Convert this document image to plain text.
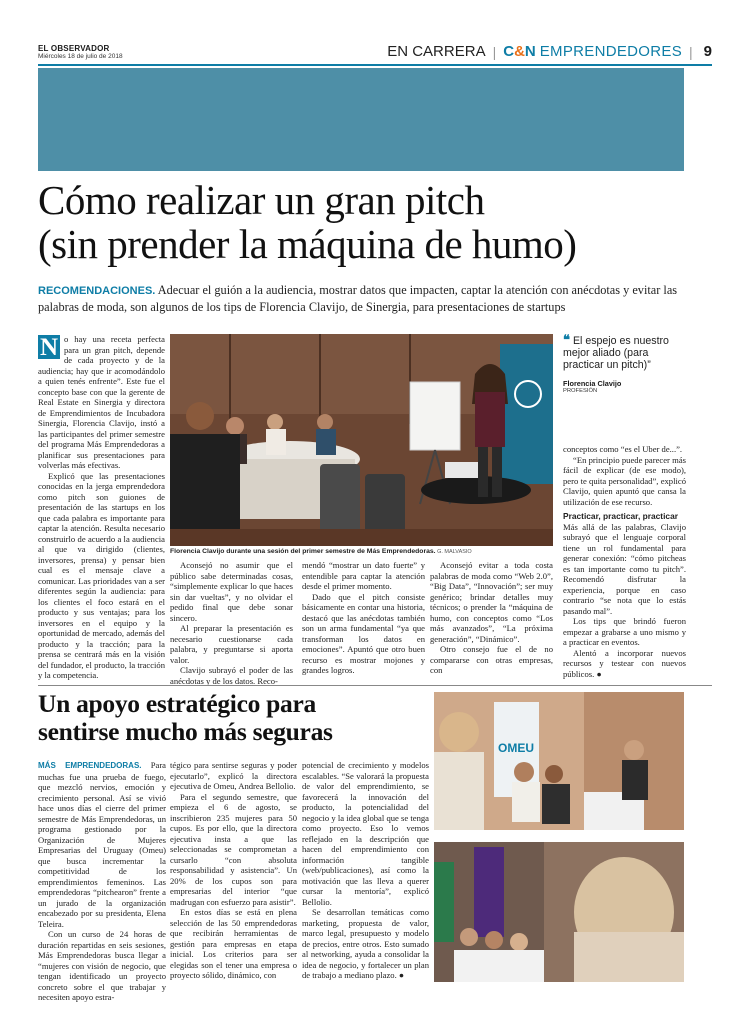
EL OBSERVADOR
Miércoles 18 de julio de 2018	EN CARRERA | C&N EMPRENDEDORES | 9
Cómo realizar un gran pitch
(sin prender la máquina de humo)
RECOMENDACIONES. Adecuar el guión a la audiencia, mostrar datos que impacten, captar la atención con anécdotas y evitar las palabras de moda, son algunos de los tips de Florencia Clavijo, de Sinergia, para presentaciones de startups

N o hay una receta perfecta para un gran pitch, depende de cada proyecto y de la audiencia; hay que ir acomodándolo a quien tenés enfrente”. Este fue el concepto base con que la gerente de Real Estate en Sinergia y directora de Emprendimientos de Incubadora Sinergia, Florencia Clavijo, instó a las participantes del primer semestre del programa Más Emprendedoras a planificar sus presentaciones para volverlas más efectivas.

Explicó que las presentaciones conocidas en la jerga emprendedora como pitch son guiones de presentación de las startups en los que cada palabra es importante para captar la atención. Resulta necesario construirlo de acuerdo a la audiencia al que va dirigido (clientes, inversores, prensa) y pensar bien cual es el mensaje clave a comunicar. Las prioridades van a ser diferentes según la audiencia: para los clientes el foco estará en el producto y sus ventajas; para los inversores en el equipo y la oportunidad de mercado, además del producto y la tracción; para la prensa se centrará más en la visión del fundador, el producto, la tracción y la competencia.

Florencia Clavijo durante una sesión del primer semestre de Más Emprendedoras. G. MALVASIO

Aconsejó no asumir que el público sabe determinadas cosas, “simplemente explicar lo que haces sin dar vueltas”, y no olvidar el pedido final que debe sonar sincero.

Al preparar la presentación es necesario cuestionarse cada palabra, y preguntarse si aporta valor.

Clavijo subrayó el poder de las anécdotas y de los datos. Reco-

mendó “mostrar un dato fuerte” y entendible para captar la atención desde el primer momento.

Dado que el pitch consiste básicamente en contar una historia, destacó que las anécdotas también son un arma fundamental “ya que transforman los datos en emociones”. Apuntó que otro buen recurso es mostrar mojones y grandes logros.

Aconsejó evitar a toda costa palabras de moda como “Web 2.0”, “Big Data”, “Innovación”; ser muy genérico; brindar detalles muy técnicos; o prender la “máquina de humo, con conceptos como “Los más avanzados”, “La próxima generación”, “Dinámico”.

Otro consejo fue el de no compararse con otras empresas, con

❝ El espejo es nuestro mejor aliado (para practicar un pitch)”
Florencia Clavijo
PROFESIÓN

conceptos como “es el Uber de...”.

“En principio puede parecer más fácil de explicar (de ese modo), pero te quita personalidad”, explicó Clavijo, quien apuntó que cansa la utilización de ese recurso.

Practicar, practicar, practicar

Más allá de las palabras, Clavijo subrayó que el lenguaje corporal tiene un rol fundamental para generar conexión: “cómo pitcheas es tan importante como tu pitch”. Recomendó disfrutar la experiencia, porque en caso contrario “se nota que lo estás pasando mal”.

Los tips que brindó fueron empezar a grabarse a uno mismo y a practicar en eventos.

Alentó a incorporar nuevos recursos y testear con nuevos públicos. ●

Un apoyo estratégico para
sentirse mucho más seguras

MÁS EMPRENDEDORAS. Para muchas fue una prueba de fuego, que mezcló nervios, emoción y crecimiento personal. Así se vivió hace unos días el cierre del primer semestre de Más Emprendedoras, un programa gestionado por la Organización de Mujeres Empresarias del Uruguay (Omeu) que busca incrementar la competitividad de los emprendimientos femeninos. Las emprendedoras “pitchearon” frente a un jurado de la organización encabezado por su presidenta, Elena Teleira.

Con un curso de 24 horas de duración repartidas en seis sesiones, Más Emprendedoras busca llegar a “mujeres con visión de negocio, que tengan identificado un proyecto concreto sobre el que trabajar y necesiten apoyo estra-

tégico para sentirse seguras y poder ejecutarlo”, explicó la directora ejecutiva de Omeu, Andrea Bellolio.

Para el segundo semestre, que empieza el 6 de agosto, se inscribieron 235 mujeres para 50 cupos. Es por ello, que la directora ejecutiva insta a que las seleccionadas se comprometan a cursarlo “con absoluta responsabilidad y asistencia”. Un 20% de los cupos son para empresarias del interior “que madrugan con esfuerzo para asistir”.

En estos días se está en plena selección de las 50 emprendedoras que recibirán herramientas de gestión para empresas en etapa inicial. Los criterios para ser elegidas son el tener una empresa o proyecto sólido, dinámico, con

potencial de crecimiento y modelos escalables. “Se valorará la propuesta de valor del emprendimiento, se favorecerá la innovación del producto, la potencialidad del negocio y la idea global que se tenga como proyecto. Eso lo vemos reflejado en la descripción que hacen del emprendimiento con información tangible (web/publicaciones), así como la motivación que las lleva a querer cursar la mentoría”, explicó Bellolio.

Se desarrollan temáticas como marketing, propuesta de valor, marco legal, presupuesto y modelo de precios, entre otros. Esto sumado al networking, ayuda a consolidar la idea de negocio, y fortalecer un plan de trabajo a mediano plazo. ●

OMEU
